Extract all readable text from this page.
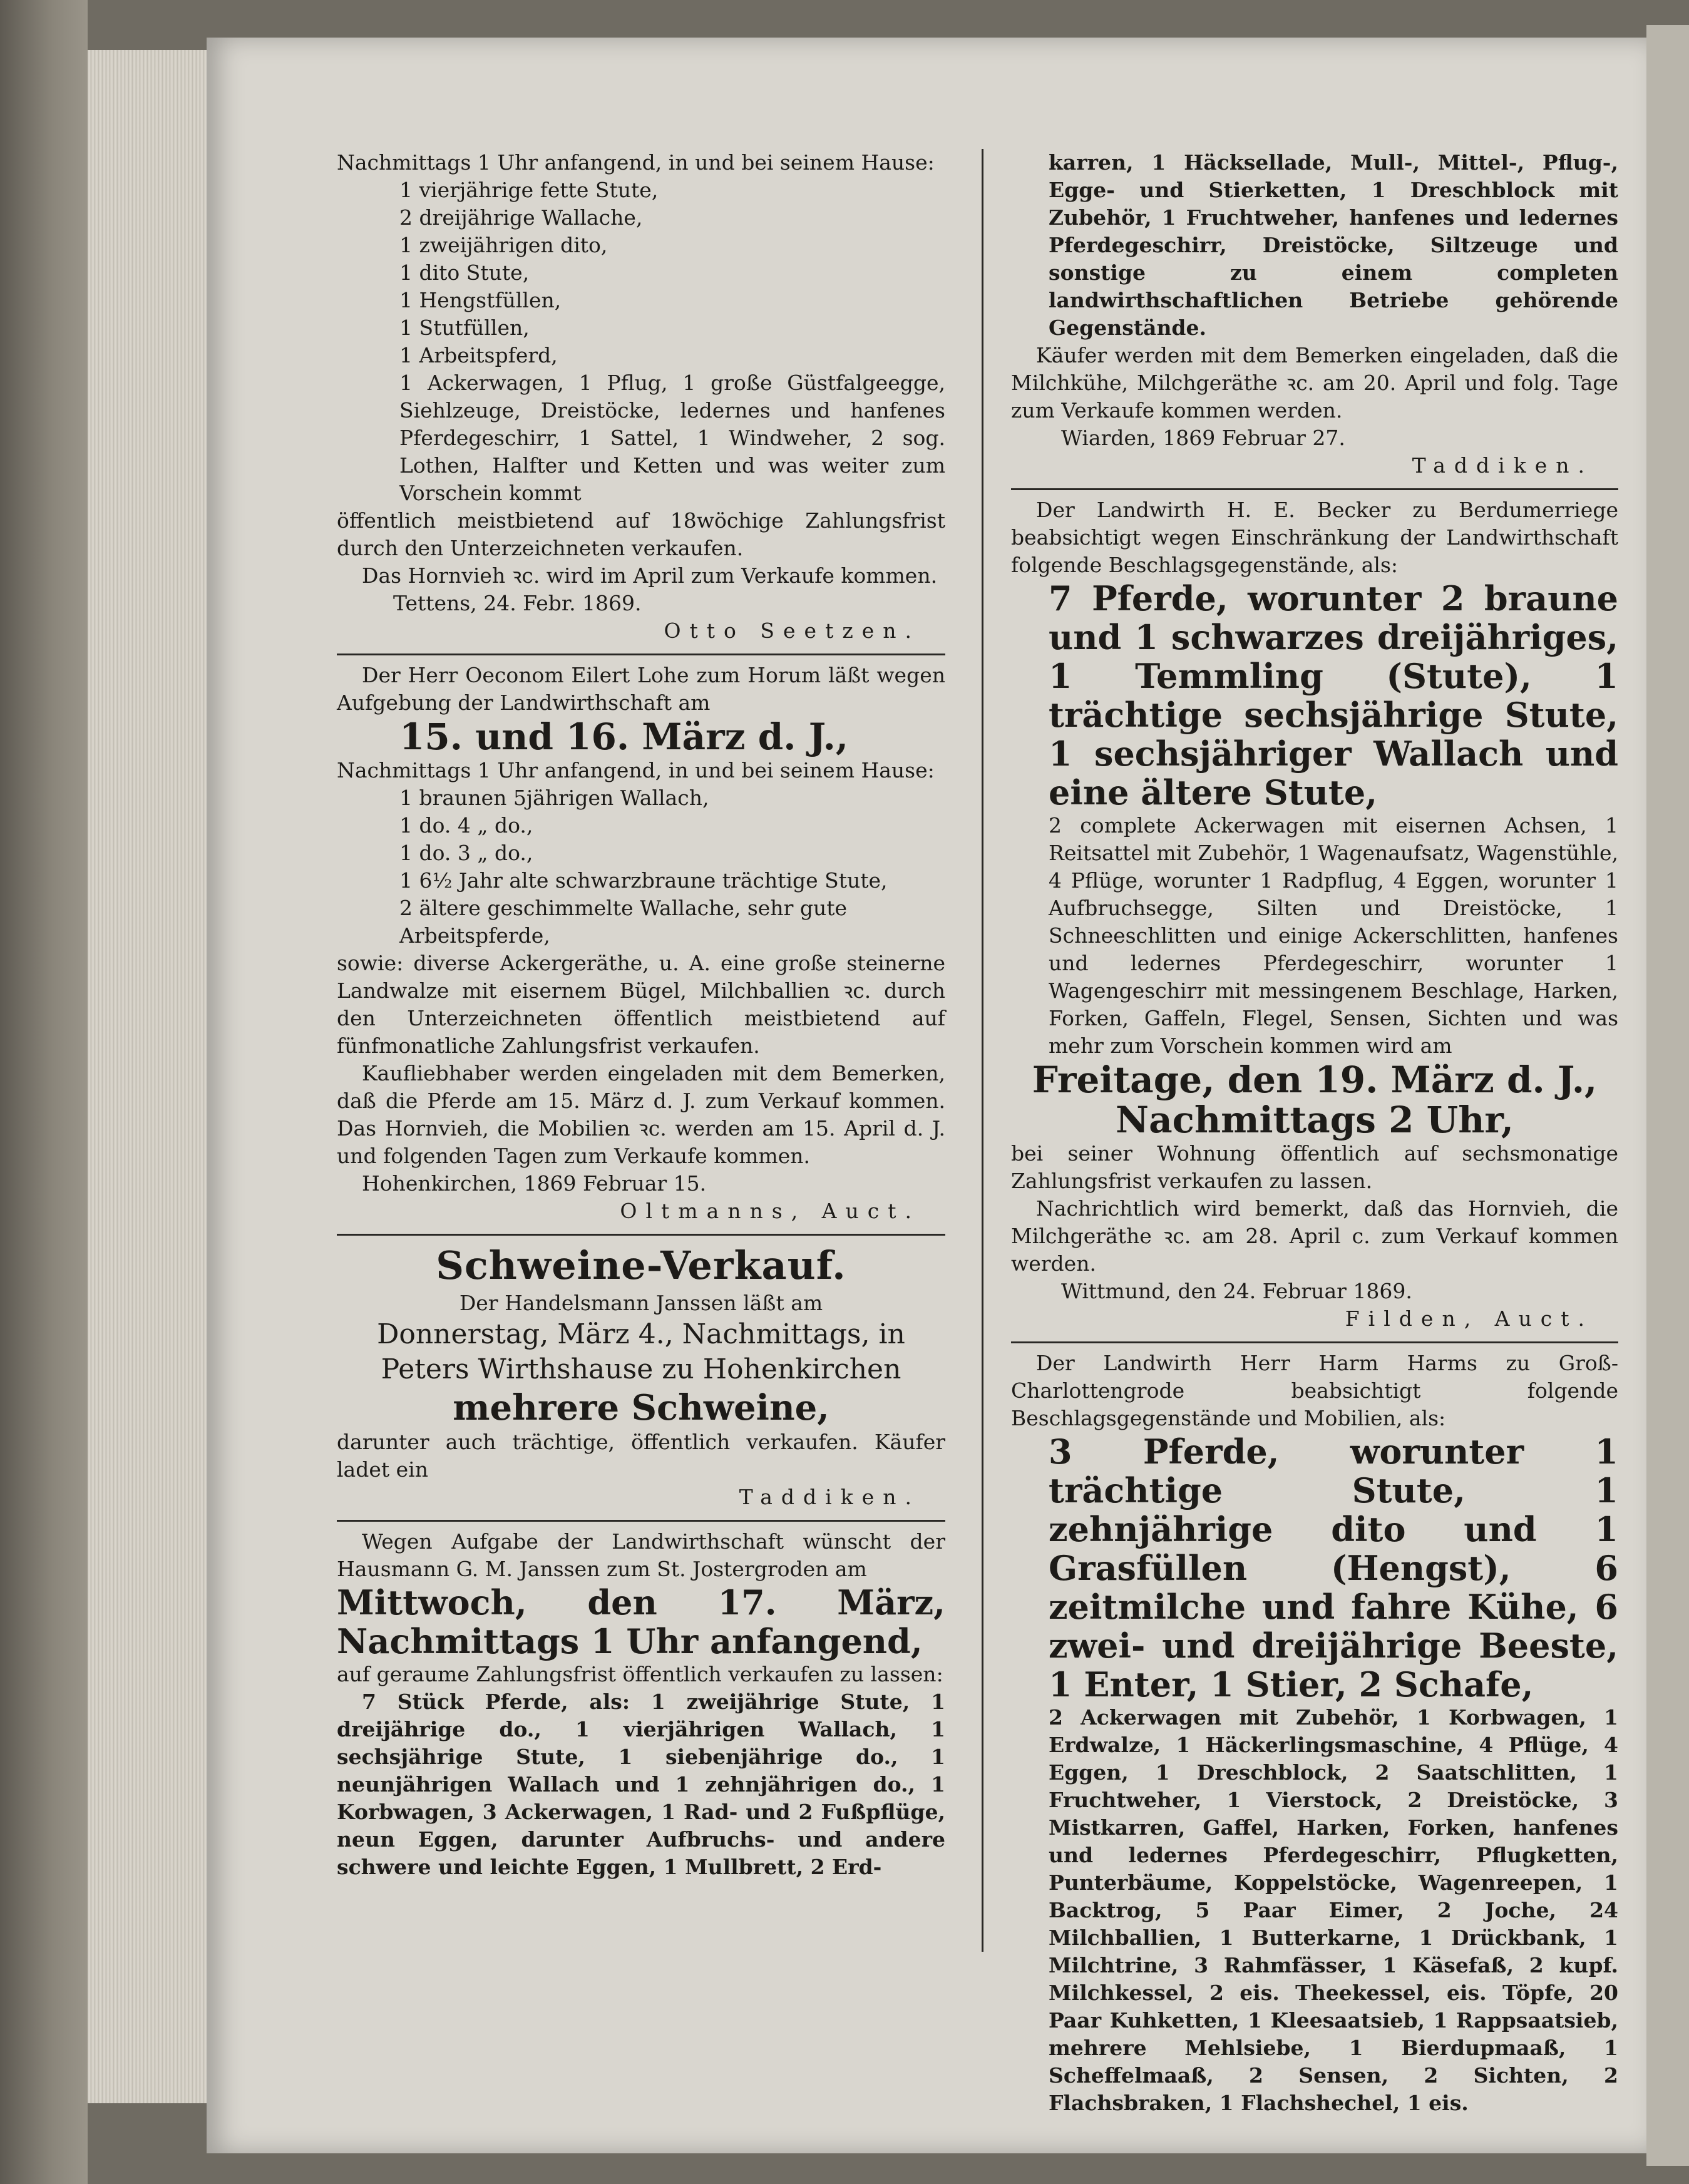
Nachmittags 1 Uhr anfangend, in und bei seinem Hause:

1 vierjährige fette Stute,
2 dreijährige Wallache,
1 zweijährigen dito,
1 dito Stute,
1 Hengstfüllen,
1 Stutfüllen,
1 Arbeitspferd,
1 Ackerwagen, 1 Pflug, 1 große Güstfalgeegge, Siehlzeuge, Dreistöcke, ledernes und hanfenes Pferdegeschirr, 1 Sattel, 1 Windweher, 2 sog. Lothen, Halfter und Ketten und was weiter zum Vorschein kommt

öffentlich meistbietend auf 18wöchige Zahlungsfrist durch den Unterzeichneten verkaufen.

Das Hornvieh ꝛc. wird im April zum Verkaufe kommen.

Tettens, 24. Febr. 1869.

Otto Seetzen.

Der Herr Oeconom Eilert Lohe zum Horum läßt wegen Aufgebung der Landwirthschaft am

15. und 16. März d. J.,

Nachmittags 1 Uhr anfangend, in und bei seinem Hause:

1 braunen 5jährigen Wallach,
1 do. 4 „ do.,
1 do. 3 „ do.,
1 6½ Jahr alte schwarzbraune trächtige Stute,
2 ältere geschimmelte Wallache, sehr gute Arbeitspferde,

sowie: diverse Ackergeräthe, u. A. eine große steinerne Landwalze mit eisernem Bügel, Milchballien ꝛc. durch den Unterzeichneten öffentlich meistbietend auf fünfmonatliche Zahlungsfrist verkaufen.

Kaufliebhaber werden eingeladen mit dem Bemerken, daß die Pferde am 15. März d. J. zum Verkauf kommen. Das Hornvieh, die Mobilien ꝛc. werden am 15. April d. J. und folgenden Tagen zum Verkaufe kommen.

Hohenkirchen, 1869 Februar 15.

Oltmanns, Auct.

Schweine-Verkauf.

Der Handelsmann Janssen läßt am

Donnerstag, März 4., Nachmittags, in

Peters Wirthshause zu Hohenkirchen

mehrere Schweine,

darunter auch trächtige, öffentlich verkaufen. Käufer ladet ein

Taddiken.

Wegen Aufgabe der Landwirthschaft wünscht der Hausmann G. M. Janssen zum St. Jostergroden am

Mittwoch, den 17. März, Nachmittags 1 Uhr anfangend,

auf geraume Zahlungsfrist öffentlich verkaufen zu lassen:

7 Stück Pferde, als: 1 zweijährige Stute, 1 dreijährige do., 1 vierjährigen Wallach, 1 sechsjährige Stute, 1 siebenjährige do., 1 neunjährigen Wallach und 1 zehnjährigen do., 1 Korbwagen, 3 Ackerwagen, 1 Rad- und 2 Fußpflüge, neun Eggen, darunter Aufbruchs- und andere schwere und leichte Eggen, 1 Mullbrett, 2 Erd-

karren, 1 Häcksellade, Mull-, Mittel-, Pflug-, Egge- und Stierketten, 1 Dreschblock mit Zubehör, 1 Fruchtweher, hanfenes und ledernes Pferdegeschirr, Dreistöcke, Siltzeuge und sonstige zu einem completen landwirthschaftlichen Betriebe gehörende Gegenstände.

Käufer werden mit dem Bemerken eingeladen, daß die Milchkühe, Milchgeräthe ꝛc. am 20. April und folg. Tage zum Verkaufe kommen werden.

Wiarden, 1869 Februar 27.

Taddiken.

Der Landwirth H. E. Becker zu Berdumerriege beabsichtigt wegen Einschränkung der Landwirthschaft folgende Beschlagsgegenstände, als:

7 Pferde, worunter 2 braune und 1 schwarzes dreijähriges, 1 Temmling (Stute), 1 trächtige sechsjährige Stute, 1 sechsjähriger Wallach und eine ältere Stute,

2 complete Ackerwagen mit eisernen Achsen, 1 Reitsattel mit Zubehör, 1 Wagenaufsatz, Wagenstühle, 4 Pflüge, worunter 1 Radpflug, 4 Eggen, worunter 1 Aufbruchsegge, Silten und Dreistöcke, 1 Schneeschlitten und einige Ackerschlitten, hanfenes und ledernes Pferdegeschirr, worunter 1 Wagengeschirr mit messingenem Beschlage, Harken, Forken, Gaffeln, Flegel, Sensen, Sichten und was mehr zum Vorschein kommen wird am

Freitage, den 19. März d. J., Nachmittags 2 Uhr,

bei seiner Wohnung öffentlich auf sechsmonatige Zahlungsfrist verkaufen zu lassen.

Nachrichtlich wird bemerkt, daß das Hornvieh, die Milchgeräthe ꝛc. am 28. April c. zum Verkauf kommen werden.

Wittmund, den 24. Februar 1869.

Filden, Auct.

Der Landwirth Herr Harm Harms zu Groß-Charlottengrode beabsichtigt folgende Beschlagsgegenstände und Mobilien, als:

3 Pferde, worunter 1 trächtige Stute, 1 zehnjährige dito und 1 Grasfüllen (Hengst), 6 zeitmilche und fahre Kühe, 6 zwei- und dreijährige Beeste, 1 Enter, 1 Stier, 2 Schafe,

2 Ackerwagen mit Zubehör, 1 Korbwagen, 1 Erdwalze, 1 Häckerlingsmaschine, 4 Pflüge, 4 Eggen, 1 Dreschblock, 2 Saatschlitten, 1 Fruchtweher, 1 Vierstock, 2 Dreistöcke, 3 Mistkarren, Gaffel, Harken, Forken, hanfenes und ledernes Pferdegeschirr, Pflugketten, Punterbäume, Koppelstöcke, Wagenreepen, 1 Backtrog, 5 Paar Eimer, 2 Joche, 24 Milchballien, 1 Butterkarne, 1 Drückbank, 1 Milchtrine, 3 Rahmfässer, 1 Käsefaß, 2 kupf. Milchkessel, 2 eis. Theekessel, eis. Töpfe, 20 Paar Kuhketten, 1 Kleesaatsieb, 1 Rappsaatsieb, mehrere Mehlsiebe, 1 Bierdupmaaß, 1 Scheffelmaaß, 2 Sensen, 2 Sichten, 2 Flachsbraken, 1 Flachshechel, 1 eis.
